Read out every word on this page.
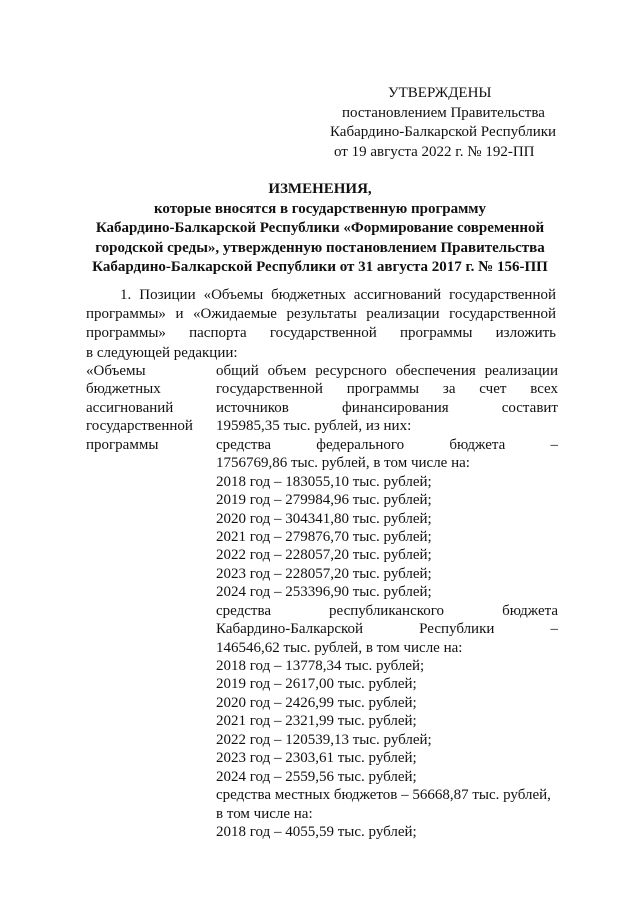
УТВЕРЖДЕНЫ
постановлением Правительства
Кабардино-Балкарской Республики
от 19 августа 2022 г. № 192-ПП
ИЗМЕНЕНИЯ,
которые вносятся в государственную программу
Кабардино-Балкарской Республики «Формирование современной
городской среды», утвержденную постановлением Правительства
Кабардино-Балкарской Республики от 31 августа 2017 г. № 156-ПП
1. Позиции «Объемы бюджетных ассигнований государственной
программы» и «Ожидаемые результаты реализации государственной
программы» паспорта государственной программы изложить
в следующей редакции:
«Объемы
бюджетных
ассигнований
государственной
программы
общий объем ресурсного обеспечения реализации
государственной программы за счет всех
источников финансирования составит
195985,35 тыс. рублей, из них:
средства федерального бюджета –
1756769,86 тыс. рублей, в том числе на:
2018 год – 183055,10 тыс. рублей;
2019 год – 279984,96 тыс. рублей;
2020 год – 304341,80 тыс. рублей;
2021 год – 279876,70 тыс. рублей;
2022 год – 228057,20 тыс. рублей;
2023 год – 228057,20 тыс. рублей;
2024 год – 253396,90 тыс. рублей;
средства республиканского бюджета
Кабардино-Балкарской Республики –
146546,62 тыс. рублей, в том числе на:
2018 год – 13778,34 тыс. рублей;
2019 год – 2617,00 тыс. рублей;
2020 год – 2426,99 тыс. рублей;
2021 год – 2321,99 тыс. рублей;
2022 год – 120539,13 тыс. рублей;
2023 год – 2303,61 тыс. рублей;
2024 год – 2559,56 тыс. рублей;
средства местных бюджетов – 56668,87 тыс. рублей,
в том числе на:
2018 год – 4055,59 тыс. рублей;
